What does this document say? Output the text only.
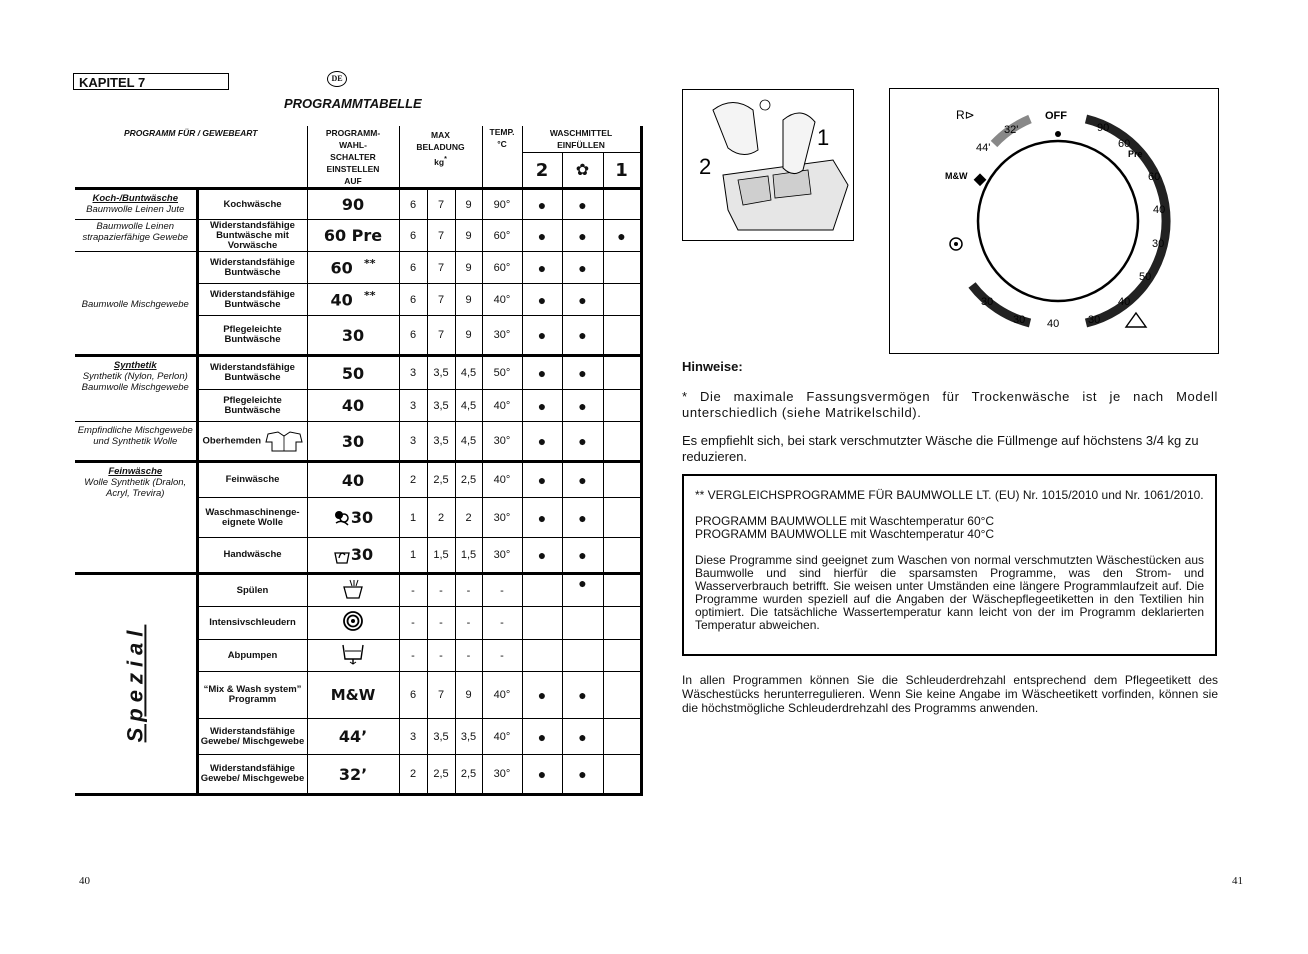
KAPITEL 7	DE
PROGRAMMTABELLE
PROGRAMM FÜR / GEWEBEART		PROGRAMM-
WAHL-
SCHALTER
EINSTELLEN
AUF	MAX
BELADUNG
kg*			TEMP.
°C	WASCHMITTEL
EINFÜLLEN		
							2	✿	1

Koch-/Buntwäsche
Baumwolle Leinen Jute	Kochwäsche	90	6	7	9	90°	●	●	

Baumwolle Leinen strapazierfähige Gewebe	Widerstandsfähige Buntwäsche mit Vorwäsche	60 Pre	6	7	9	60°	●	●	●

Baumwolle Mischgewebe	Widerstandsfähige Buntwäsche	60 **	6	7	9	60°	●	●	
	Widerstandsfähige Buntwäsche	40 **	6	7	9	40°	●	●	
	Pflegeleichte Buntwäsche	30	6	7	9	30°	●	●	

Synthetik
Synthetik (Nylon, Perlon) Baumwolle Mischgewebe	Widerstandsfähige Buntwäsche	50	3	3,5	4,5	50°	●	●	
	Pflegeleichte Buntwäsche	40	3	3,5	4,5	40°	●	●	

Empfindliche Mischgewebe und Synthetik Wolle	Oberhemden	30	3	3,5	4,5	30°	●	●	

Feinwäsche
Wolle Synthetik (Dralon, Acryl, Trevira)	Feinwäsche	40	2	2,5	2,5	40°	●	●	
	Waschmaschinenge-eignete Wolle	30	1	2	2	30°	●	●	
	Handwäsche	30	1	1,5	1,5	30°	●	●	
Spezial	Spülen		-	-	-	-		●	
	Intensivschleudern		-	-	-	-			
	Abpumpen		-	-	-	-			
	“Mix & Wash system” Programm	M&W	6	7	9	40°	●	●	
	Widerstandsfähige Gewebe/ Mischgewebe	44’	3	3,5	3,5	40°	●	●	
	Widerstandsfähige Gewebe/ Mischgewebe	32’	2	2,5	2,5	30°	●	●	
2
1
OFF
90
60
Pre
60
40
30
50
40
30
40
30
30
M&W
44'
32'
R⊳
Hinweise:
* Die maximale Fassungsvermögen für Trockenwäsche ist je nach Modell unterschiedlich (siehe Matrikelschild).
Es empfiehlt sich, bei stark verschmutzter Wäsche die Füllmenge auf höchstens 3/4 kg zu reduzieren.

** VERGLEICHSPROGRAMME FÜR BAUMWOLLE LT. (EU) Nr. 1015/2010 und Nr. 1061/2010.

PROGRAMM BAUMWOLLE mit Waschtemperatur 60°C

PROGRAMM BAUMWOLLE mit Waschtemperatur 40°C

Diese Programme sind geeignet zum Waschen von normal verschmutzten Wäschestücken aus Baumwolle und sind hierfür die sparsamsten Programme, was den Strom- und Wasserverbrauch betrifft. Sie weisen unter Umständen eine längere Programmlaufzeit auf. Die Programme wurden speziell auf die Angaben der Wäschepflegeetiketten in den Textilien hin optimiert. Die tatsächliche Wassertemperatur kann leicht von der im Programm deklarierten Temperatur abweichen.

In allen Programmen können Sie die Schleuderdrehzahl entsprechend dem Pflegeetikett des Wäschestücks herunterregulieren. Wenn Sie keine Angabe im Wäscheetikett vorfinden, können sie die höchstmögliche Schleuderdrehzahl des Programms anwenden.
40	41
